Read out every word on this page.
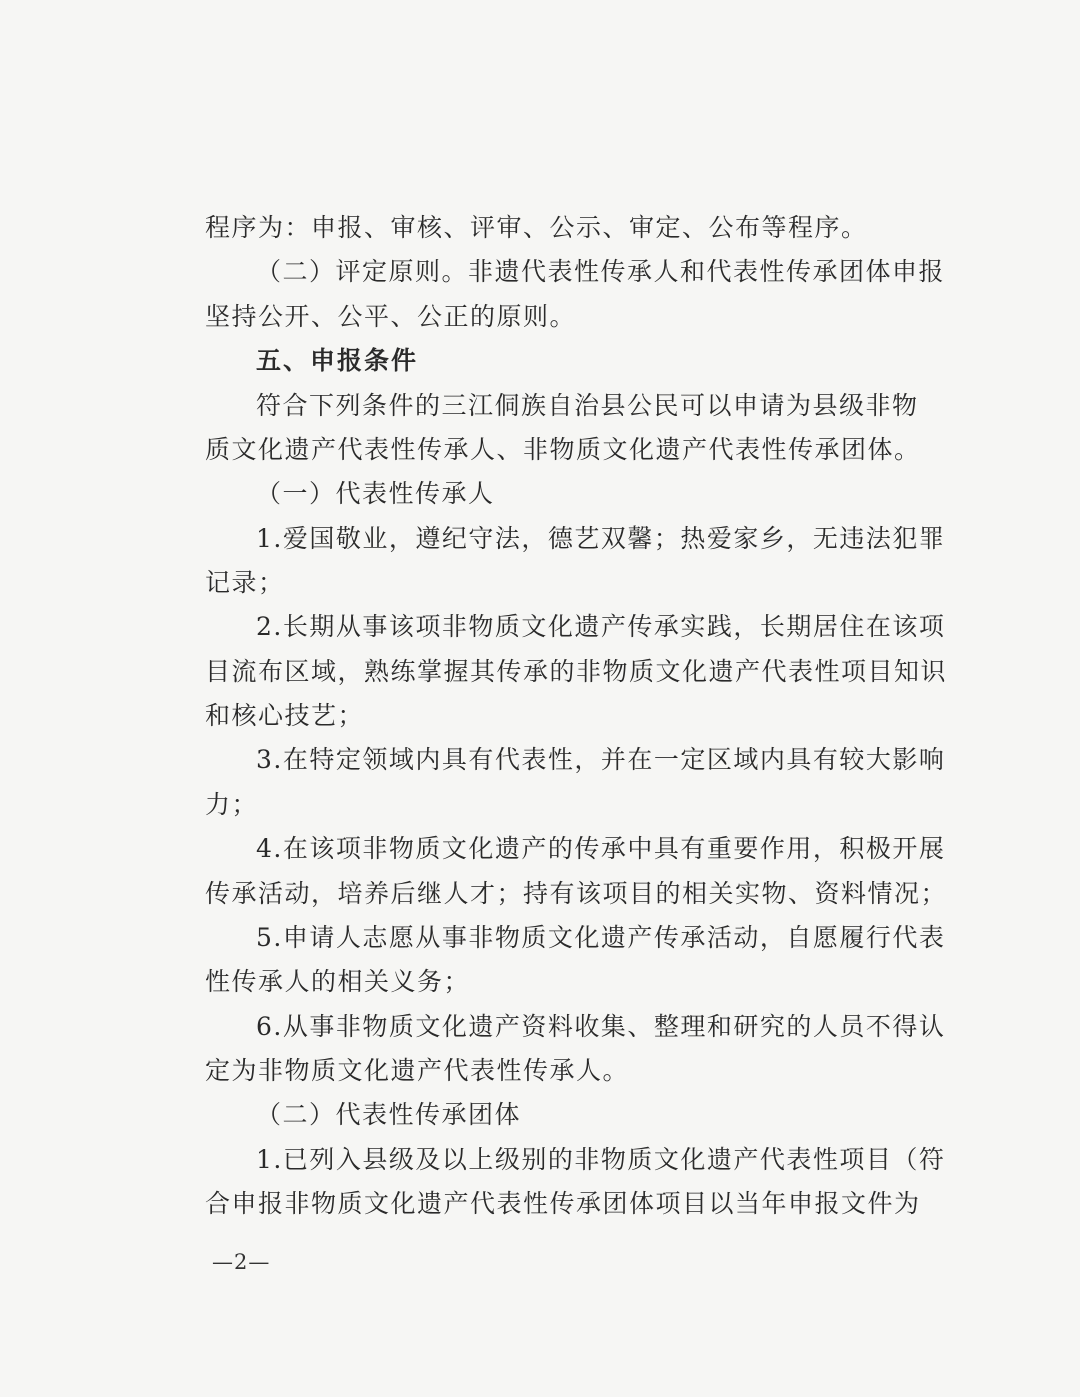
程序为：申报、审核、评审、公示、审定、公布等程序。
（二）评定原则。非遗代表性传承人和代表性传承团体申报
坚持公开、公平、公正的原则。
五、申报条件
符合下列条件的三江侗族自治县公民可以申请为县级非物
质文化遗产代表性传承人、非物质文化遗产代表性传承团体。
（一）代表性传承人
1.爱国敬业，遵纪守法，德艺双馨；热爱家乡，无违法犯罪
记录；
2.长期从事该项非物质文化遗产传承实践，长期居住在该项
目流布区域，熟练掌握其传承的非物质文化遗产代表性项目知识
和核心技艺；
3.在特定领域内具有代表性，并在一定区域内具有较大影响
力；
4.在该项非物质文化遗产的传承中具有重要作用，积极开展
传承活动，培养后继人才；持有该项目的相关实物、资料情况；
5.申请人志愿从事非物质文化遗产传承活动，自愿履行代表
性传承人的相关义务；
6.从事非物质文化遗产资料收集、整理和研究的人员不得认
定为非物质文化遗产代表性传承人。
（二）代表性传承团体
1.已列入县级及以上级别的非物质文化遗产代表性项目（符
合申报非物质文化遗产代表性传承团体项目以当年申报文件为
—2—
